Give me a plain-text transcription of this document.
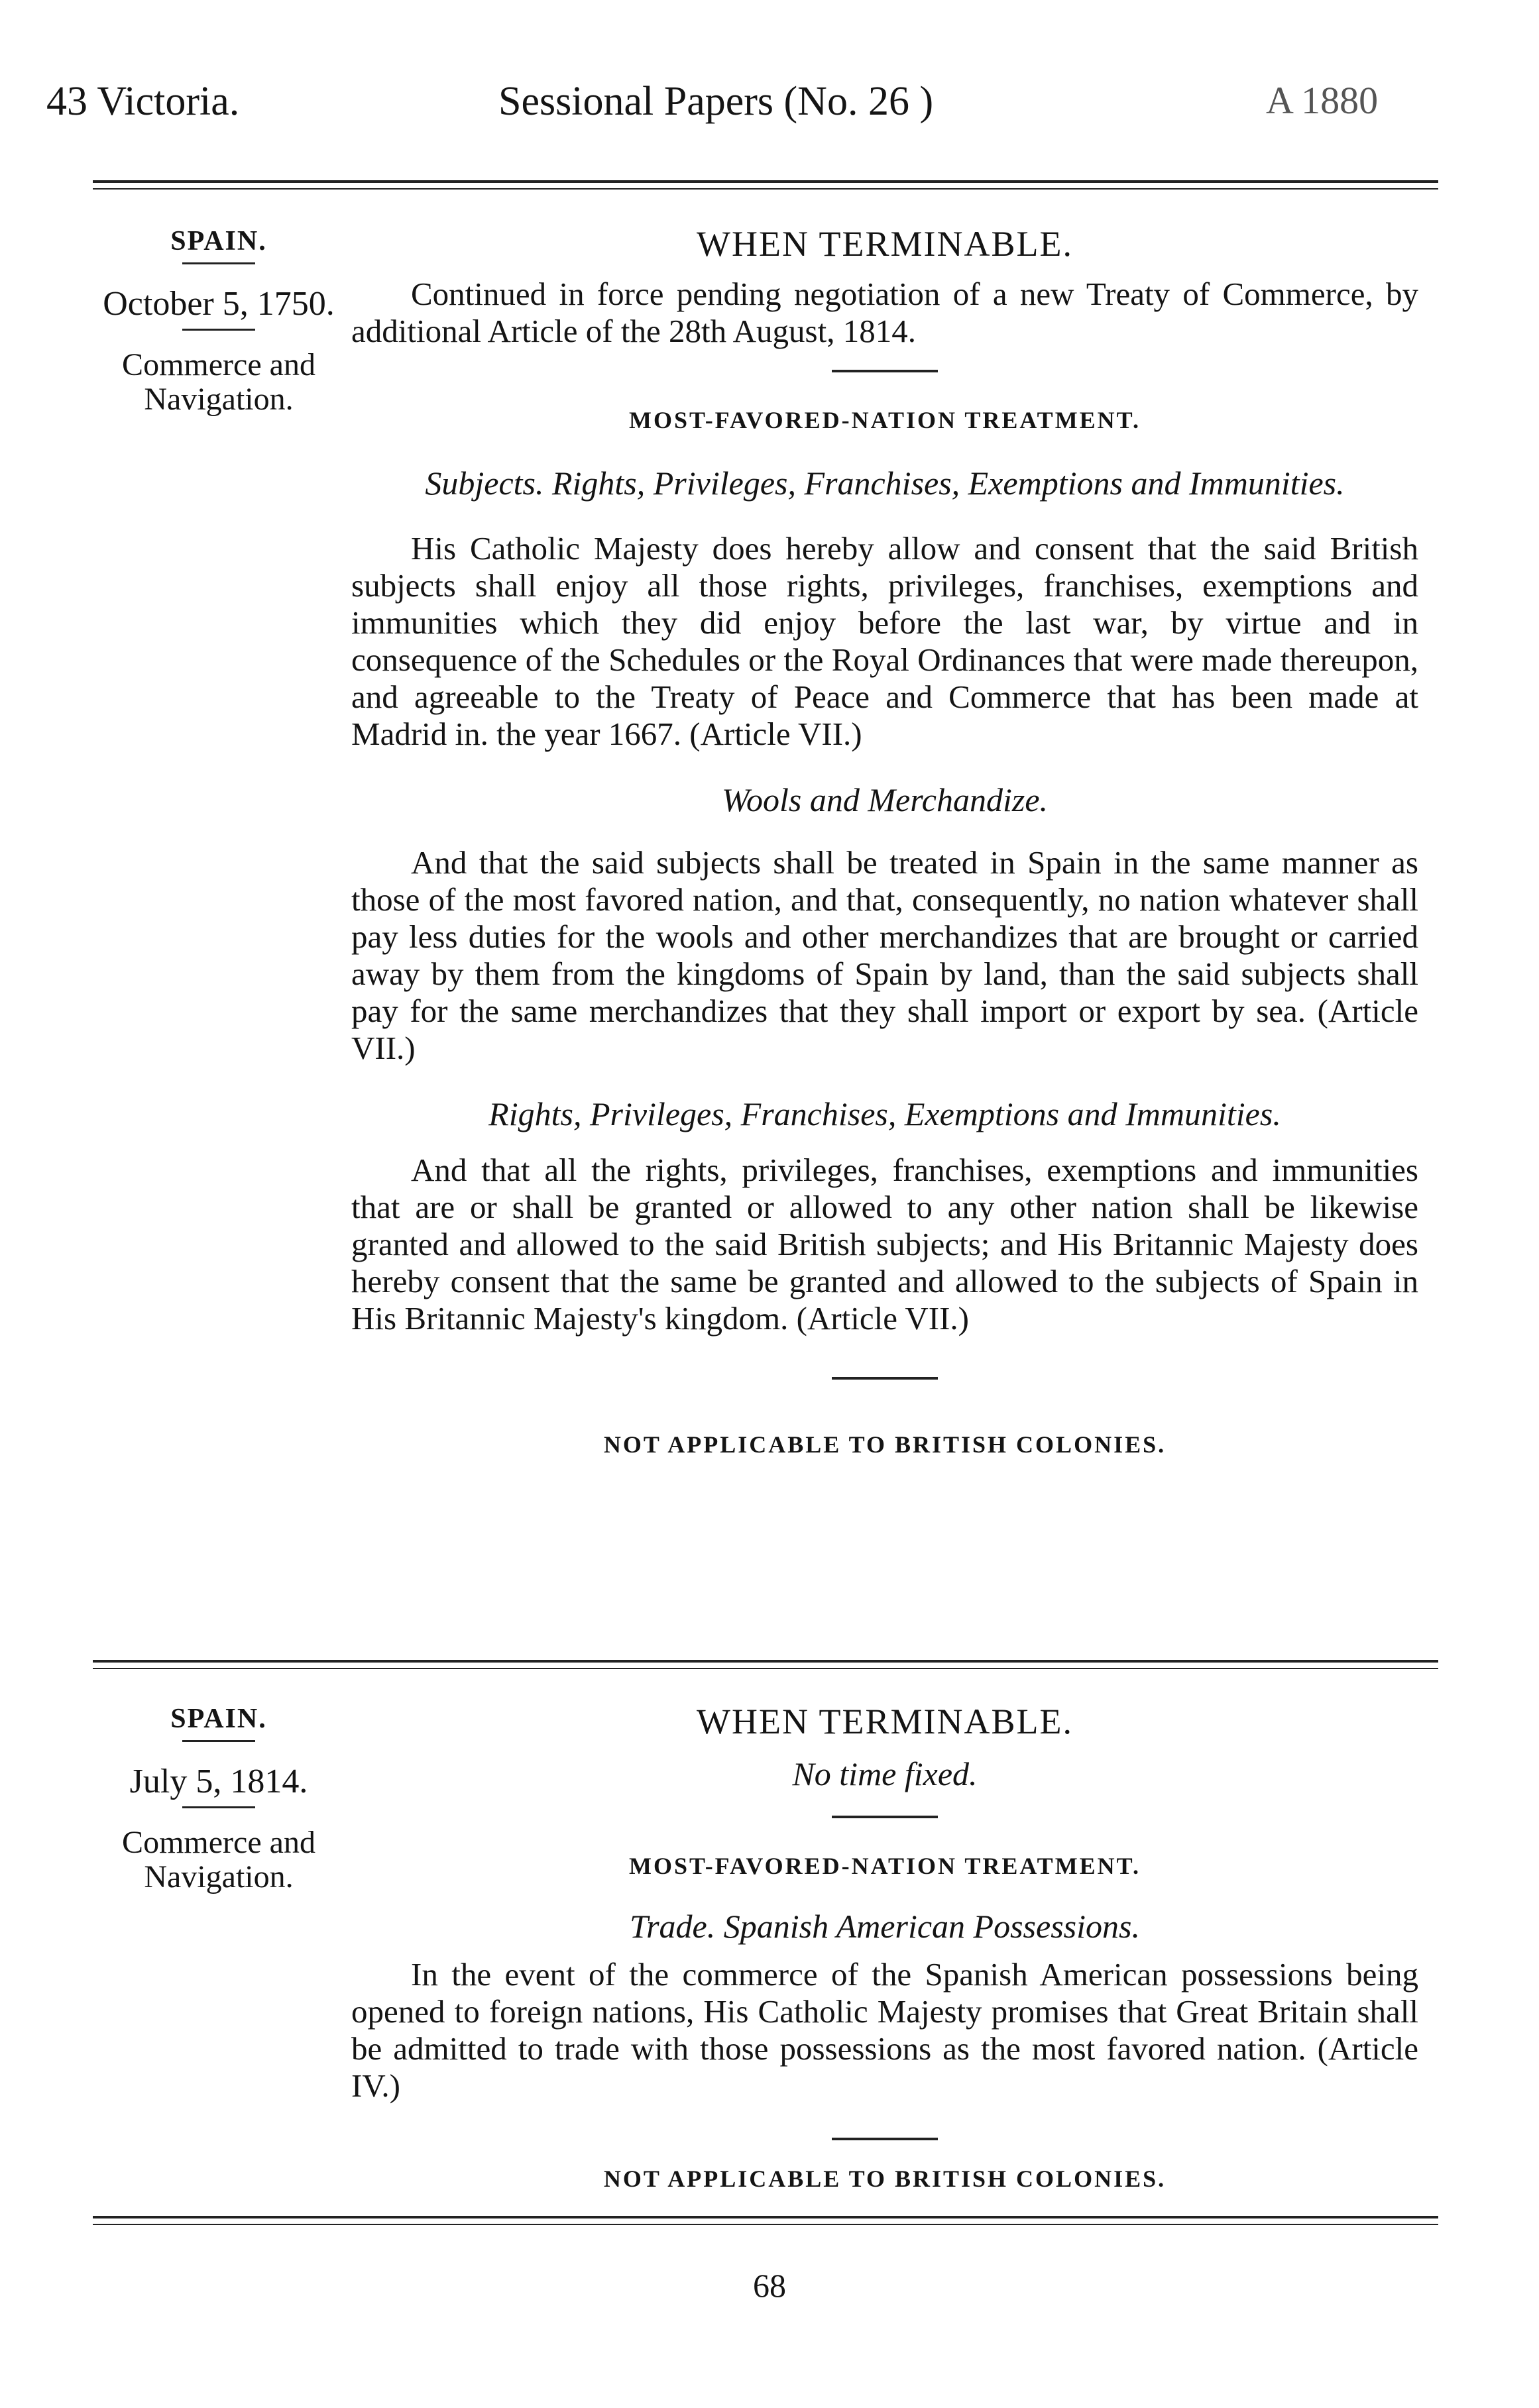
43 Victoria.	Sessional Papers (No. 26 )	A 1880
SPAIN.
October 5, 1750.
Commerce and Navigation.
WHEN TERMINABLE.
Continued in force pending negotiation of a new Treaty of Commerce, by additional Article of the 28th August, 1814.
MOST-FAVORED-NATION TREATMENT.
Subjects. Rights, Privileges, Franchises, Exemptions and Immunities.
His Catholic Majesty does hereby allow and consent that the said British subjects shall enjoy all those rights, privileges, franchises, exemptions and immunities which they did enjoy before the last war, by virtue and in consequence of the Schedules or the Royal Ordinances that were made thereupon, and agreeable to the Treaty of Peace and Commerce that has been made at Madrid in. the year 1667. (Article VII.)
Wools and Merchandize.
And that the said subjects shall be treated in Spain in the same manner as those of the most favored nation, and that, consequently, no nation whatever shall pay less duties for the wools and other merchandizes that are brought or carried away by them from the kingdoms of Spain by land, than the said subjects shall pay for the same merchandizes that they shall import or export by sea. (Article VII.)
Rights, Privileges, Franchises, Exemptions and Immunities.
And that all the rights, privileges, franchises, exemptions and immunities that are or shall be granted or allowed to any other nation shall be likewise granted and allowed to the said British subjects; and His Britannic Majesty does hereby consent that the same be granted and allowed to the subjects of Spain in His Britannic Majesty's kingdom. (Article VII.)
NOT APPLICABLE TO BRITISH COLONIES.
SPAIN.
July 5, 1814.
Commerce and Navigation.
WHEN TERMINABLE.
No time fixed.
MOST-FAVORED-NATION TREATMENT.
Trade. Spanish American Possessions.
In the event of the commerce of the Spanish American possessions being opened to foreign nations, His Catholic Majesty promises that Great Britain shall be admitted to trade with those possessions as the most favored nation. (Article IV.)
NOT APPLICABLE TO BRITISH COLONIES.
68
